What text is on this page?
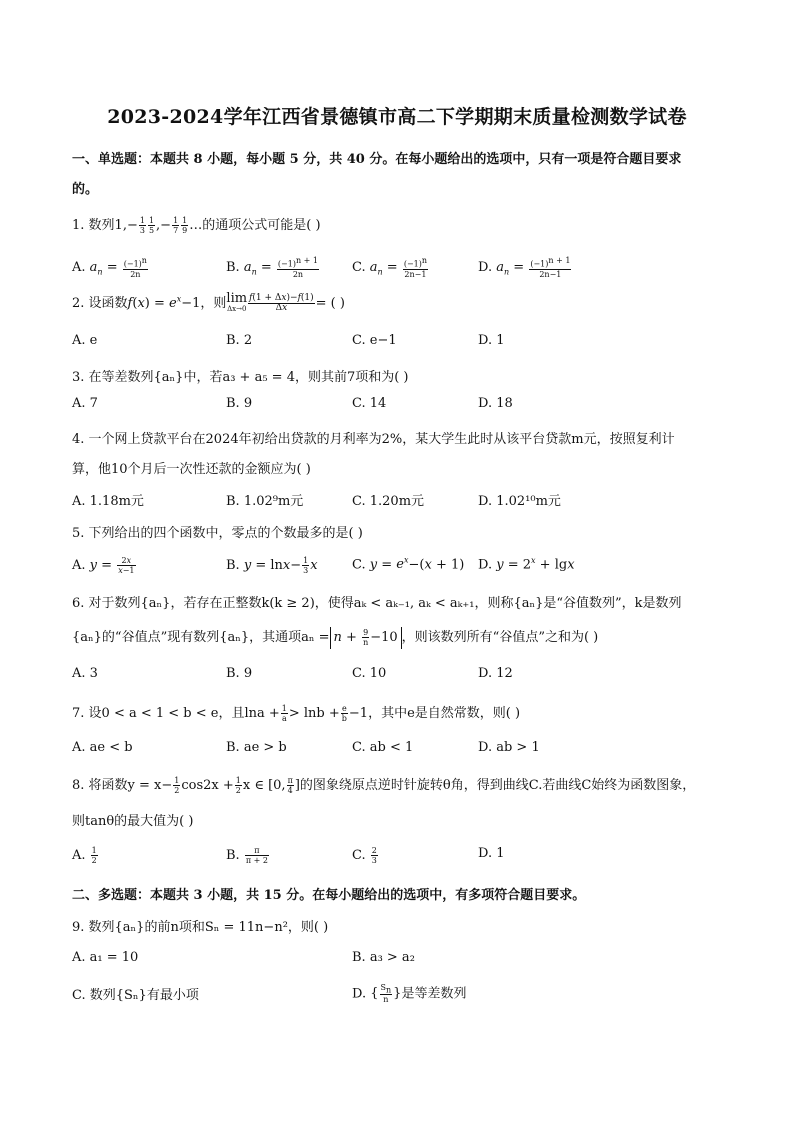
2023-2024学年江西省景德镇市高二下学期期末质量检测数学试卷
一、单选题：本题共 8 小题，每小题 5 分，共 40 分。在每小题给出的选项中，只有一项是符合题目要求
的。
1. 数列$1,- \frac{1}{3} \frac{1}{5}$ ,− $\frac{1}{7} \frac{1}{9}$ …的通项公式可能是( )
A. $a_n = \frac{(-1)^n}{2n}$	B. $a_n = \frac{(-1)^{n + 1}}{2n}$	C. $a_n = \frac{(-1)^n}{2n-1}$	D. $a_n = \frac{(-1)^{n + 1}}{2n-1}$
2. 设函数$f(x) = e^x-1$，则lim
$\Delta x\to 0 \frac{f(1 + \Delta x)-f(1)}{\Delta x}$ = ( )
A. e	B. 2	C. e−1	D. 1
3. 在等差数列{aₙ}中，若a₃ + a₅ = 4，则其前7项和为( )
A. 7	B. 9	C. 14	D. 18
4. 一个网上贷款平台在2024年初给出贷款的月利率为2%，某大学生此时从该平台贷款m元，按照复利计
算，他10个月后一次性还款的金额应为( )
A. 1.18m元	B. 1.02⁹m元	C. 1.20m元	D. 1.02¹⁰m元
5. 下列给出的四个函数中，零点的个数最多的是( )
A. $y = \frac{2x}{x-1}$	B. $y = \ln x- \frac{1}{3}$ x	C. $y = e^x-(x + 1)$ D. $y = 2^x + \lg x$
6. 对于数列{aₙ}，若存在正整数k(k ≥ 2)，使得aₖ < aₖ₋₁, aₖ < aₖ₊₁，则称{aₙ}是“谷值数列”，k是数列
{aₙ}的“谷值点”现有数列{aₙ}，其通项$a_n = n + \frac{9}{n} -10$ ，则该数列所有“谷值点”之和为( )
A. 3	B. 9	C. 10	D. 12
7. 设0 < a < 1 < b < e，且$\ln a + \frac{1}{a} > \ln b + \frac{e}{b} -1$，其中e是自然常数，则( )
A. ae < b	B. ae > b	C. ab < 1	D. ab > 1
8. 将函数$y = x- \frac{1}{2} \cos 2x + \frac{1}{2}$ x ∈ [0, $\frac{\pi}{4}$ ]的图象绕原点逆时针旋转θ角，得到曲线C.若曲线C始终为函数图象，
则tanθ的最大值为( )
A. $\frac{1}{2}$	B. $\frac{\pi}{\pi + 2}$	C. $\frac{2}{3}$	D. 1
二、多选题：本题共 3 小题，共 15 分。在每小题给出的选项中，有多项符合题目要求。
9. 数列{aₙ}的前n项和Sₙ = 11n−n²，则( )
A. a₁ = 10	B. a₃ > a₂
C. 数列{Sₙ}有最小项	D. { $\frac{S_n}{n}$ }是等差数列
